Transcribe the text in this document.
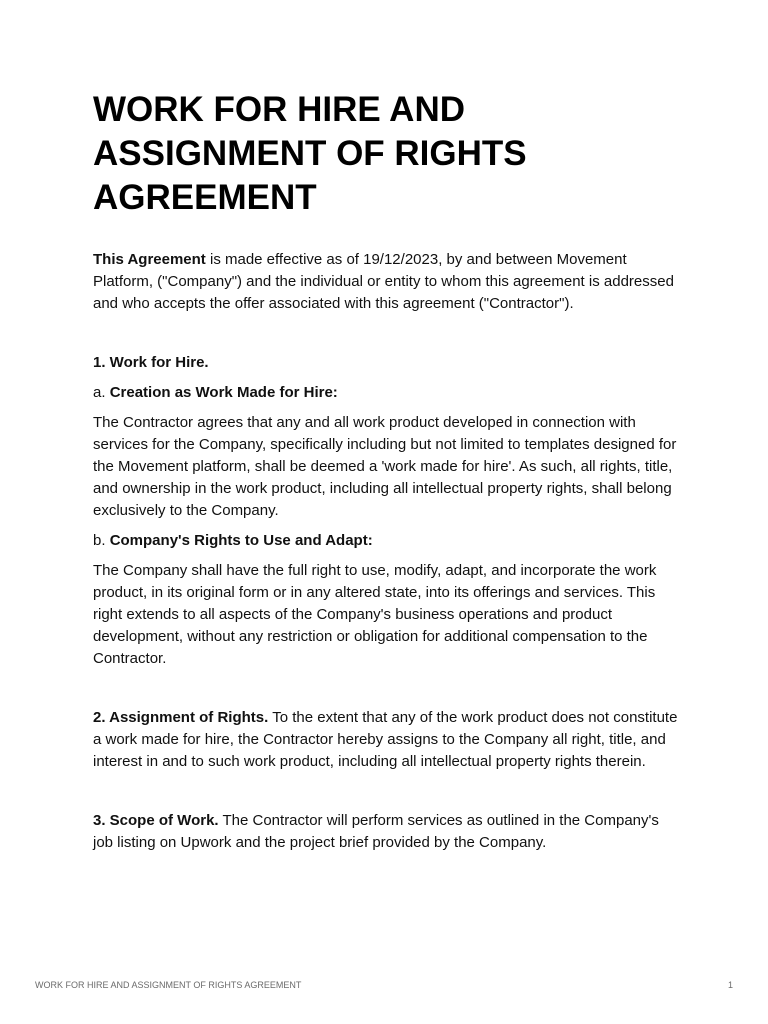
WORK FOR HIRE AND ASSIGNMENT OF RIGHTS AGREEMENT

This Agreement is made effective as of 19/12/2023, by and between Movement Platform, ("Company") and the individual or entity to whom this agreement is addressed and who accepts the offer associated with this agreement ("Contractor").

1. Work for Hire.

a. Creation as Work Made for Hire:

The Contractor agrees that any and all work product developed in connection with services for the Company, specifically including but not limited to templates designed for the Movement platform, shall be deemed a 'work made for hire'. As such, all rights, title, and ownership in the work product, including all intellectual property rights, shall belong exclusively to the Company.

b. Company's Rights to Use and Adapt:

The Company shall have the full right to use, modify, adapt, and incorporate the work product, in its original form or in any altered state, into its offerings and services. This right extends to all aspects of the Company's business operations and product development, without any restriction or obligation for additional compensation to the Contractor.

2. Assignment of Rights. To the extent that any of the work product does not constitute a work made for hire, the Contractor hereby assigns to the Company all right, title, and interest in and to such work product, including all intellectual property rights therein.

3. Scope of Work. The Contractor will perform services as outlined in the Company's job listing on Upwork and the project brief provided by the Company.

WORK FOR HIRE AND ASSIGNMENT OF RIGHTS AGREEMENT	1
